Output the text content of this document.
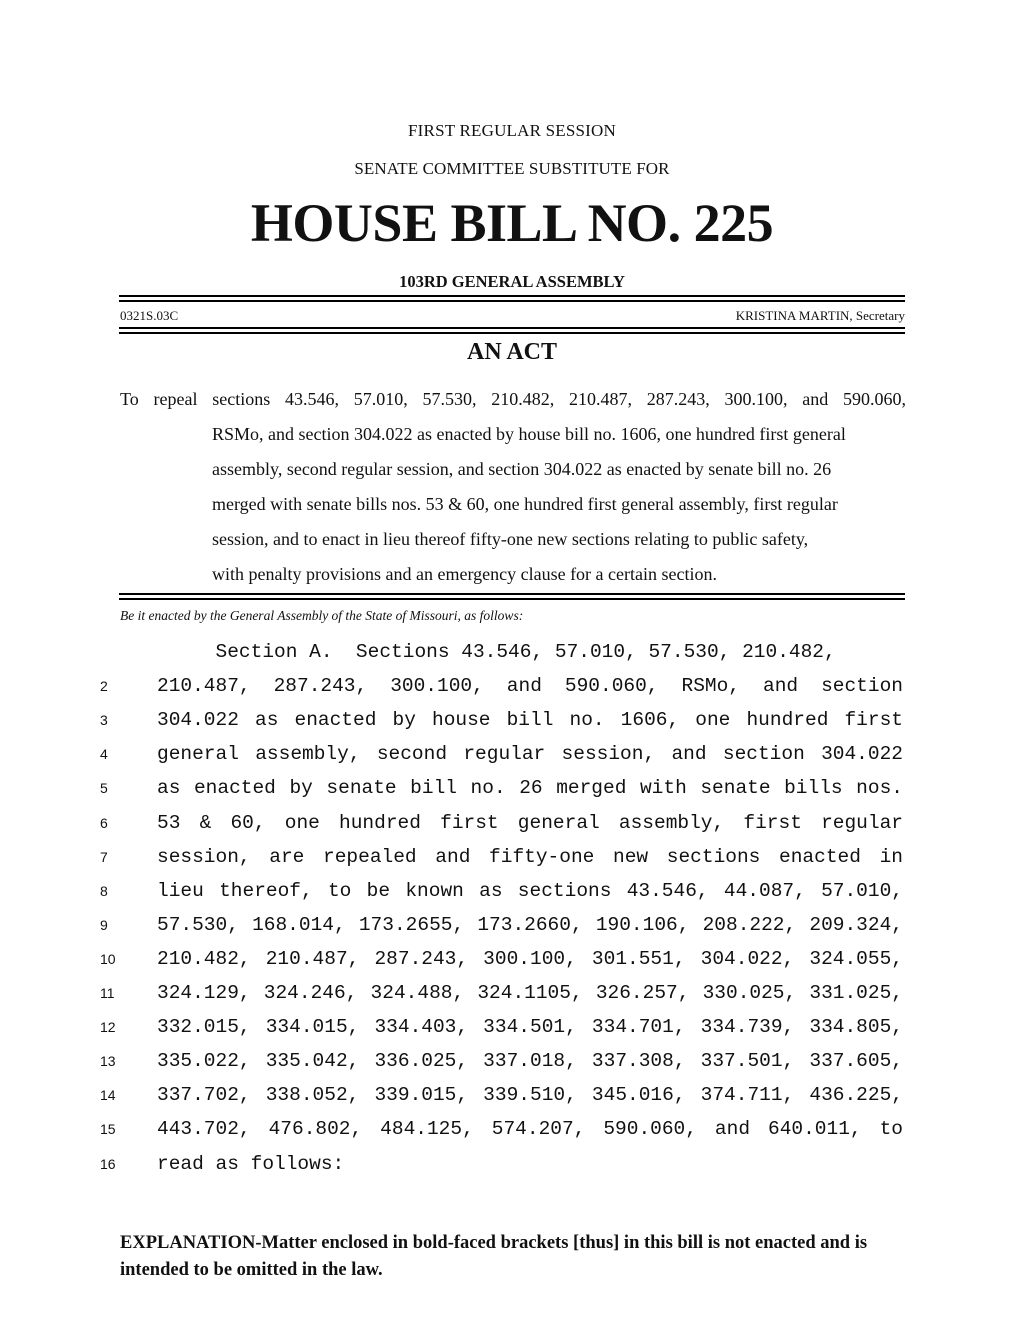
FIRST REGULAR SESSION
SENATE COMMITTEE SUBSTITUTE FOR
HOUSE BILL NO. 225
103RD GENERAL ASSEMBLY
0321S.03C	KRISTINA MARTIN, Secretary
AN ACT
To repeal sections 43.546, 57.010, 57.530, 210.482, 210.487, 287.243, 300.100, and 590.060,
RSMo, and section 304.022 as enacted by house bill no. 1606, one hundred first general
assembly, second regular session, and section 304.022 as enacted by senate bill no. 26
merged with senate bills nos. 53 & 60, one hundred first general assembly, first regular
session, and to enact in lieu thereof fifty-one new sections relating to public safety,
with penalty provisions and an emergency clause for a certain section.
Be it enacted by the General Assembly of the State of Missouri, as follows:
Section A.  Sections 43.546, 57.010, 57.530, 210.482,
2	210.487, 287.243, 300.100, and 590.060, RSMo, and section
3	304.022 as enacted by house bill no. 1606, one hundred first
4	general assembly, second regular session, and section 304.022
5	as enacted by senate bill no. 26 merged with senate bills nos.
6	53 & 60, one hundred first general assembly, first regular
7	session, are repealed and fifty-one new sections enacted in
8	lieu thereof, to be known as sections 43.546, 44.087, 57.010,
9	57.530, 168.014, 173.2655, 173.2660, 190.106, 208.222, 209.324,
10	210.482, 210.487, 287.243, 300.100, 301.551, 304.022, 324.055,
11	324.129, 324.246, 324.488, 324.1105, 326.257, 330.025, 331.025,
12	332.015, 334.015, 334.403, 334.501, 334.701, 334.739, 334.805,
13	335.022, 335.042, 336.025, 337.018, 337.308, 337.501, 337.605,
14	337.702, 338.052, 339.015, 339.510, 345.016, 374.711, 436.225,
15	443.702, 476.802, 484.125, 574.207, 590.060, and 640.011, to
16	read as follows:
EXPLANATION-Matter enclosed in bold-faced brackets [thus] in this bill is not enacted and is intended to be omitted in the law.
